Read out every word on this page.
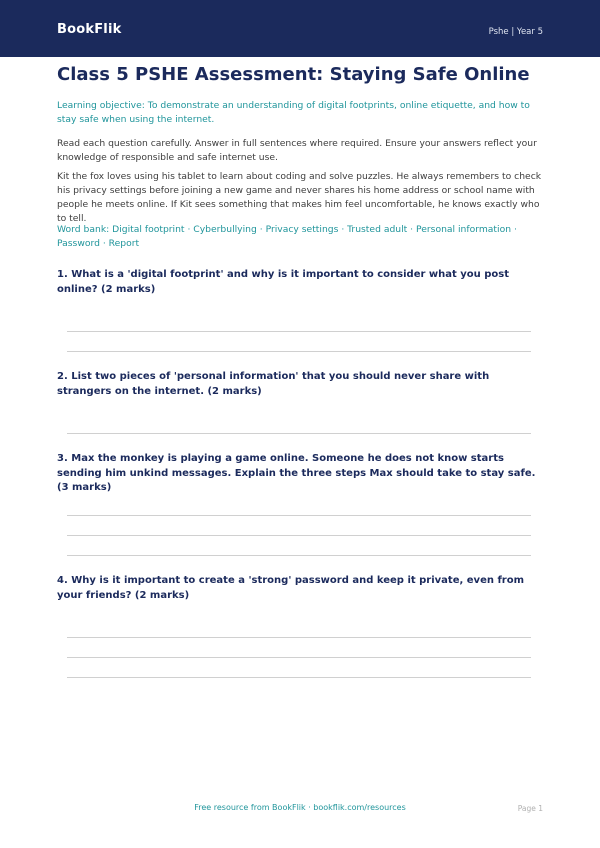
BookFlik	Pshe | Year 5
Class 5 PSHE Assessment: Staying Safe Online
Learning objective: To demonstrate an understanding of digital footprints, online etiquette, and how to stay safe when using the internet.
Read each question carefully. Answer in full sentences where required. Ensure your answers reflect your knowledge of responsible and safe internet use.
Kit the fox loves using his tablet to learn about coding and solve puzzles. He always remembers to check his privacy settings before joining a new game and never shares his home address or school name with people he meets online. If Kit sees something that makes him feel uncomfortable, he knows exactly who to tell.
Word bank: Digital footprint · Cyberbullying · Privacy settings · Trusted adult · Personal information · Password · Report
1. What is a 'digital footprint' and why is it important to consider what you post online? (2 marks)
2. List two pieces of 'personal information' that you should never share with strangers on the internet. (2 marks)
3. Max the monkey is playing a game online. Someone he does not know starts sending him unkind messages. Explain the three steps Max should take to stay safe. (3 marks)
4. Why is it important to create a 'strong' password and keep it private, even from your friends? (2 marks)
Free resource from BookFlik · bookflik.com/resources	Page 1
